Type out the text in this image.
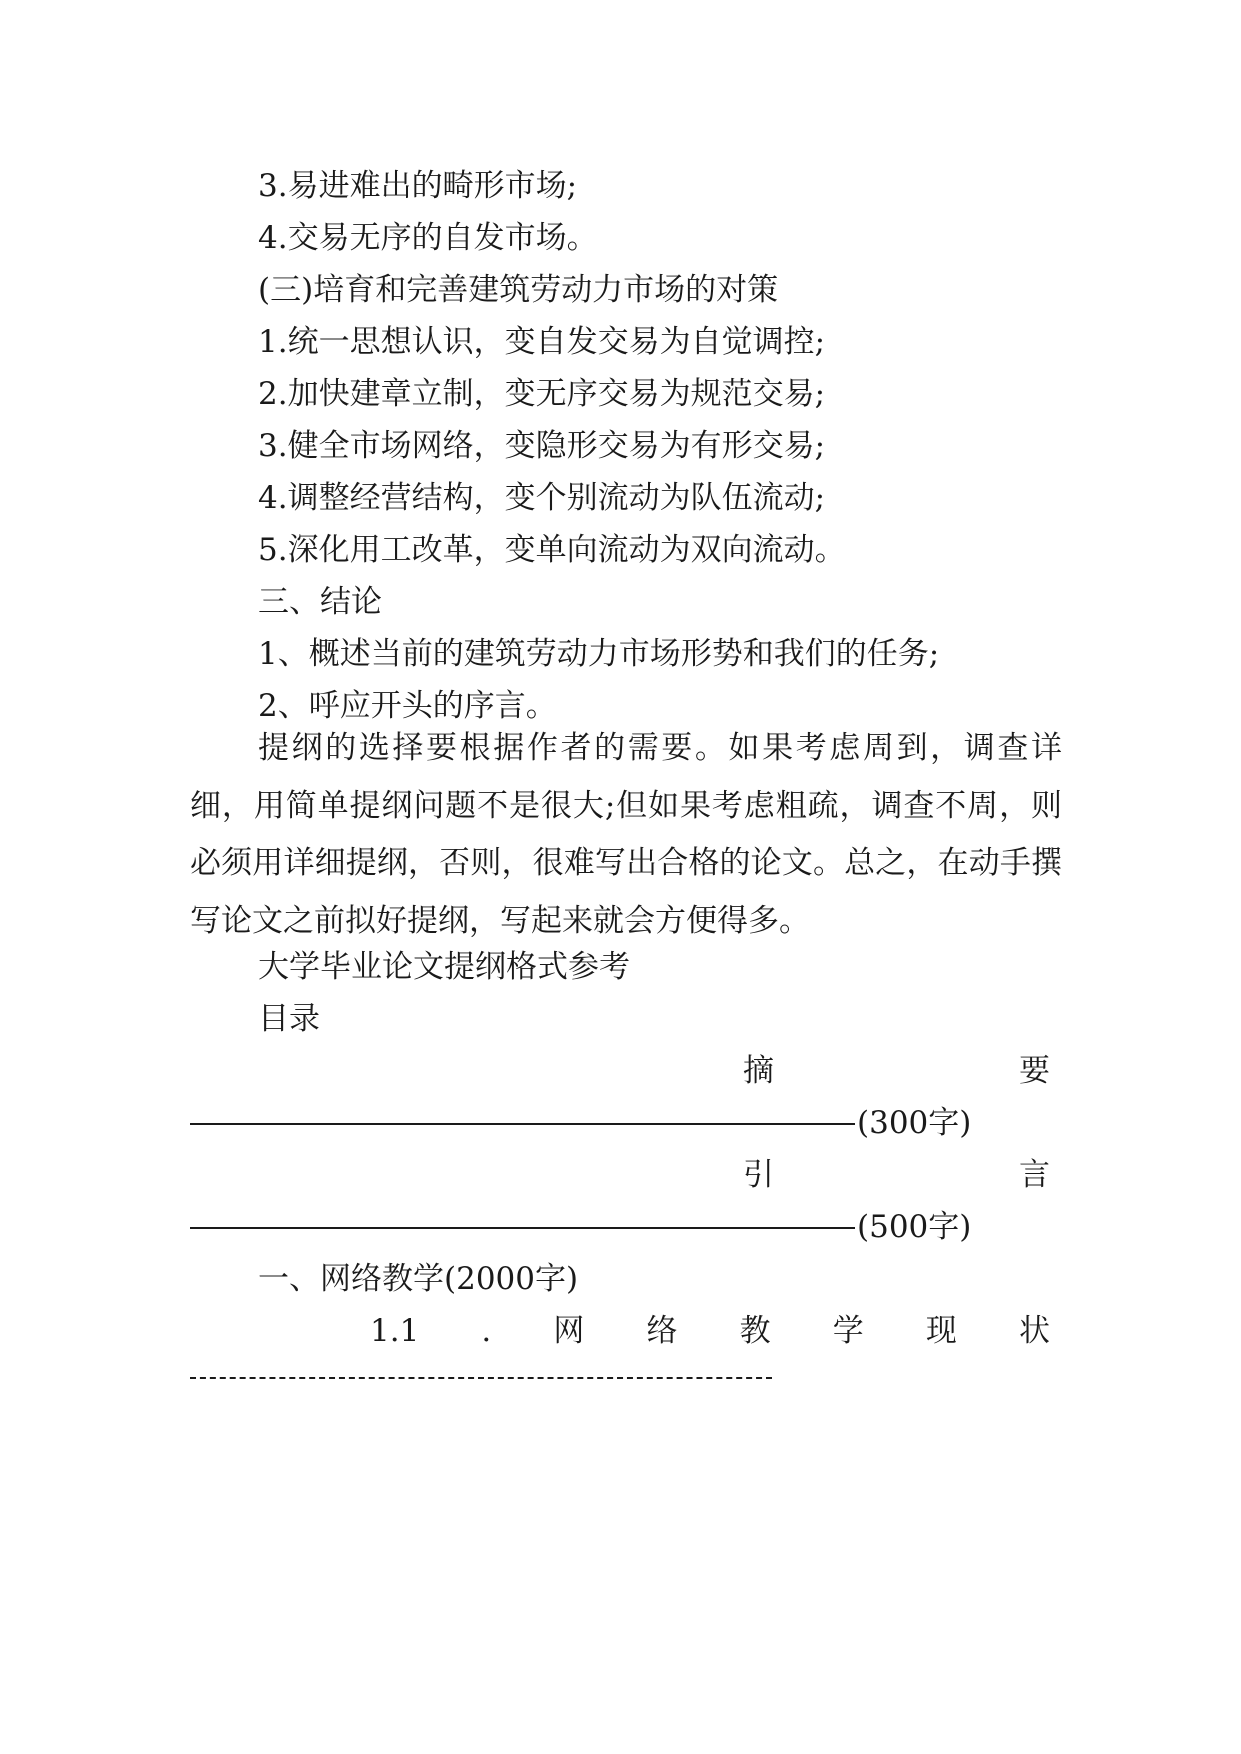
3.易进难出的畸形市场;
4.交易无序的自发市场。
(三)培育和完善建筑劳动力市场的对策
1.统一思想认识，变自发交易为自觉调控;
2.加快建章立制，变无序交易为规范交易;
3.健全市场网络，变隐形交易为有形交易;
4.调整经营结构，变个别流动为队伍流动;
5.深化用工改革，变单向流动为双向流动。
三、结论
1、概述当前的建筑劳动力市场形势和我们的任务;
2、呼应开头的序言。
提纲的选择要根据作者的需要。如果考虑周到，调查详细，用简单提纲问题不是很大;但如果考虑粗疏，调查不周，则必须用详细提纲，否则，很难写出合格的论文。总之，在动手撰写论文之前拟好提纲，写起来就会方便得多。
大学毕业论文提纲格式参考
目录
摘	要
(300字)
引	言
(500字)
一、网络教学(2000字)
1.1 . 网 络 教 学 现 状
